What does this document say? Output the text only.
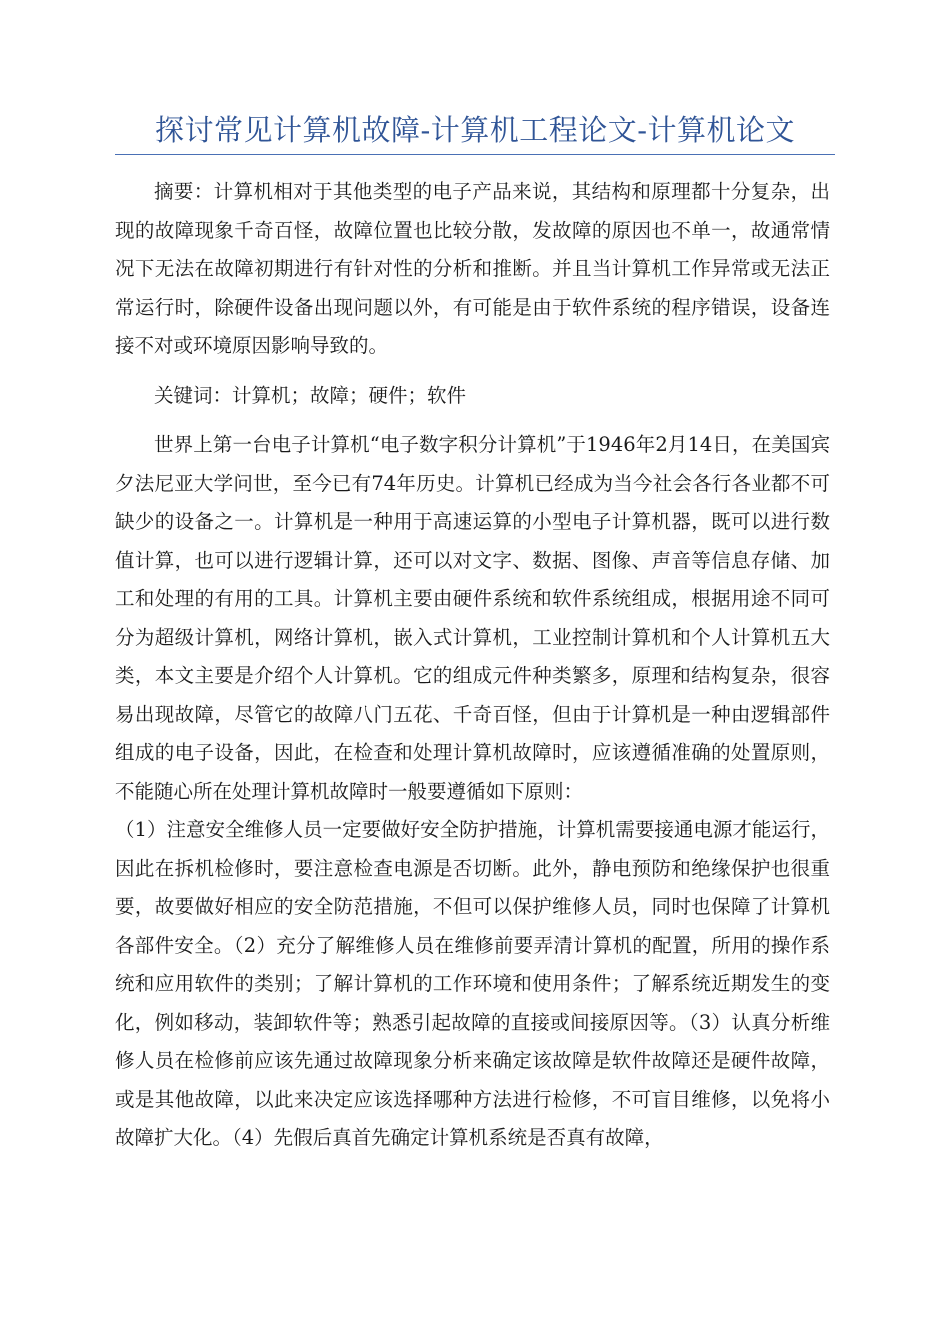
探讨常见计算机故障-计算机工程论文-计算机论文

摘要：计算机相对于其他类型的电子产品来说，其结构和原理都十分复杂，出现的故障现象千奇百怪，故障位置也比较分散，发故障的原因也不单一，故通常情况下无法在故障初期进行有针对性的分析和推断。并且当计算机工作异常或无法正常运行时，除硬件设备出现问题以外，有可能是由于软件系统的程序错误，设备连接不对或环境原因影响导致的。

关键词：计算机；故障；硬件；软件

世界上第一台电子计算机“电子数字积分计算机”于1946年2月14日，在美国宾夕法尼亚大学问世，至今已有74年历史。计算机已经成为当今社会各行各业都不可缺少的设备之一。计算机是一种用于高速运算的小型电子计算机器，既可以进行数值计算，也可以进行逻辑计算，还可以对文字、数据、图像、声音等信息存储、加工和处理的有用的工具。计算机主要由硬件系统和软件系统组成，根据用途不同可分为超级计算机，网络计算机，嵌入式计算机，工业控制计算机和个人计算机五大类，本文主要是介绍个人计算机。它的组成元件种类繁多，原理和结构复杂，很容易出现故障，尽管它的故障八门五花、千奇百怪，但由于计算机是一种由逻辑部件组成的电子设备，因此，在检查和处理计算机故障时，应该遵循准确的处置原则，不能随心所在处理计算机故障时一般要遵循如下原则：

（1）注意安全维修人员一定要做好安全防护措施，计算机需要接通电源才能运行，因此在拆机检修时，要注意检查电源是否切断。此外，静电预防和绝缘保护也很重要，故要做好相应的安全防范措施，不但可以保护维修人员，同时也保障了计算机各部件安全。（2）充分了解维修人员在维修前要弄清计算机的配置，所用的操作系统和应用软件的类别；了解计算机的工作环境和使用条件；了解系统近期发生的变化，例如移动，装卸软件等；熟悉引起故障的直接或间接原因等。（3）认真分析维修人员在检修前应该先通过故障现象分析来确定该故障是软件故障还是硬件故障，或是其他故障，以此来决定应该选择哪种方法进行检修，不可盲目维修，以免将小故障扩大化。（4）先假后真首先确定计算机系统是否真有故障，
